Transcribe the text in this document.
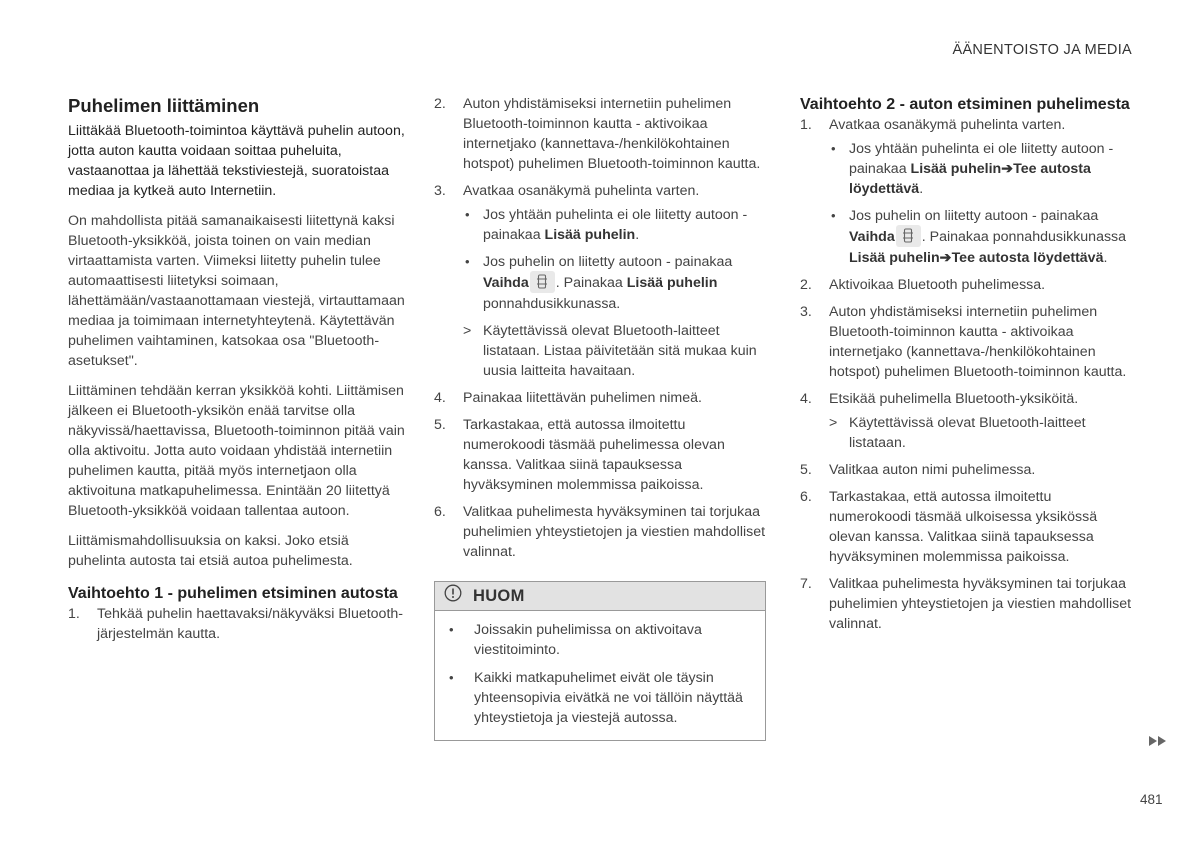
ÄÄNENTOISTO JA MEDIA
Puhelimen liittäminen

Liittäkää Bluetooth-toimintoa käyttävä puhelin autoon, jotta auton kautta voidaan soittaa puheluita, vastaanottaa ja lähettää tekstiviestejä, suoratoistaa mediaa ja kytkeä auto Internetiin.

On mahdollista pitää samanaikaisesti liitettynä kaksi Bluetooth-yksikköä, joista toinen on vain median virtaattamista varten. Viimeksi liitetty puhelin tulee automaattisesti liitetyksi soimaan, lähettämään/vastaanottamaan viestejä, virtauttamaan mediaa ja toimimaan internetyhteytenä. Käytettävän puhelimen vaihtaminen, katsokaa osa "Bluetooth-asetukset".

Liittäminen tehdään kerran yksikköä kohti. Liittämisen jälkeen ei Bluetooth-yksikön enää tarvitse olla näkyvissä/haettavissa, Bluetooth-toiminnon pitää vain olla aktivoitu. Jotta auto voidaan yhdistää internetiin puhelimen kautta, pitää myös internetjaon olla aktivoituna matkapuhelimessa. Enintään 20 liitettyä Bluetooth-yksikköä voidaan tallentaa autoon.

Liittämismahdollisuuksia on kaksi. Joko etsiä puhelinta autosta tai etsiä autoa puhelimesta.

Vaihtoehto 1 - puhelimen etsiminen autosta
1. Tehkää puhelin haettavaksi/näkyväksi Bluetooth-järjestelmän kautta.
2. Auton yhdistämiseksi internetiin puhelimen Bluetooth-toiminnon kautta - aktivoikaa internetjako (kannettava-/henkilökohtainen hotspot) puhelimen Bluetooth-toiminnon kautta.
3. Avatkaa osanäkymä puhelinta varten.
• Jos yhtään puhelinta ei ole liitetty autoon - painakaa Lisää puhelin.
• Jos puhelin on liitetty autoon - painakaa Vaihda . Painakaa Lisää puhelin ponnahdusikkunassa.
> Käytettävissä olevat Bluetooth-laitteet listataan. Listaa päivitetään sitä mukaa kuin uusia laitteita havaitaan.
4. Painakaa liitettävän puhelimen nimeä.
5. Tarkastakaa, että autossa ilmoitettu numerokoodi täsmää puhelimessa olevan kanssa. Valitkaa siinä tapauksessa hyväksyminen molemmissa paikoissa.
6. Valitkaa puhelimesta hyväksyminen tai torjukaa puhelimien yhteystietojen ja viestien mahdolliset valinnat.
HUOM
• Joissakin puhelimissa on aktivoitava viestitoiminto.
• Kaikki matkapuhelimet eivät ole täysin yhteensopivia eivätkä ne voi tällöin näyttää yhteystietoja ja viestejä autossa.
Vaihtoehto 2 - auton etsiminen puhelimesta
1. Avatkaa osanäkymä puhelinta varten.
• Jos yhtään puhelinta ei ole liitetty autoon - painakaa Lisää puhelin➔Tee autosta löydettävä.
• Jos puhelin on liitetty autoon - painakaa Vaihda . Painakaa ponnahdusikkunassa Lisää puhelin➔Tee autosta löydettävä.
2. Aktivoikaa Bluetooth puhelimessa.
3. Auton yhdistämiseksi internetiin puhelimen Bluetooth-toiminnon kautta - aktivoikaa internetjako (kannettava-/henkilökohtainen hotspot) puhelimen Bluetooth-toiminnon kautta.
4. Etsikää puhelimella Bluetooth-yksiköitä.
> Käytettävissä olevat Bluetooth-laitteet listataan.
5. Valitkaa auton nimi puhelimessa.
6. Tarkastakaa, että autossa ilmoitettu numerokoodi täsmää ulkoisessa yksikössä olevan kanssa. Valitkaa siinä tapauksessa hyväksyminen molemmissa paikoissa.
7. Valitkaa puhelimesta hyväksyminen tai torjukaa puhelimien yhteystietojen ja viestien mahdolliset valinnat.
481
